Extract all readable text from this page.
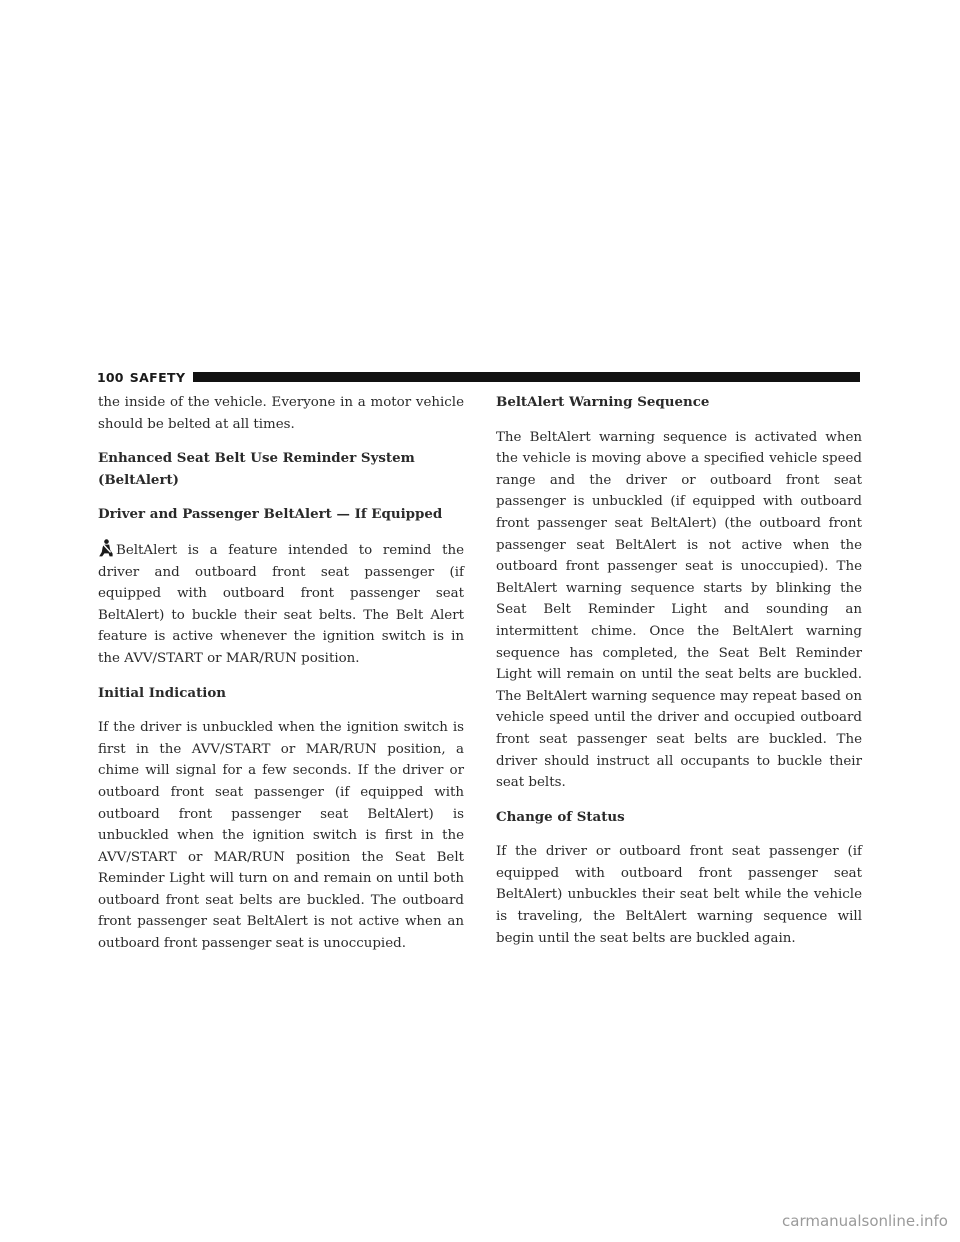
100 SAFETY

the inside of the vehicle. Everyone in a motor vehicle should be belted at all times.

Enhanced Seat Belt Use Reminder System (BeltAlert)
Driver and Passenger BeltAlert — If Equipped

BeltAlert is a feature intended to remind the driver and outboard front seat passenger (if equipped with outboard front passenger seat BeltAlert) to buckle their seat belts. The Belt Alert feature is active whenever the ignition switch is in the AVV/START or MAR/RUN position.

Initial Indication

If the driver is unbuckled when the ignition switch is first in the AVV/START or MAR/RUN position, a chime will signal for a few seconds. If the driver or outboard front seat passenger (if equipped with outboard front passenger seat BeltAlert) is unbuckled when the ignition switch is first in the AVV/START or MAR/RUN position the Seat Belt Reminder Light will turn on and remain on until both outboard front seat belts are buckled. The outboard front passenger seat BeltAlert is not active when an outboard front passenger seat is unoccupied.

BeltAlert Warning Sequence

The BeltAlert warning sequence is activated when the vehicle is moving above a specified vehicle speed range and the driver or outboard front seat passenger is unbuckled (if equipped with outboard front passenger seat BeltAlert) (the outboard front passenger seat BeltAlert is not active when the outboard front passenger seat is unoccupied). The BeltAlert warning sequence starts by blinking the Seat Belt Reminder Light and sounding an intermittent chime. Once the BeltAlert warning sequence has completed, the Seat Belt Reminder Light will remain on until the seat belts are buckled. The BeltAlert warning sequence may repeat based on vehicle speed until the driver and occupied outboard front seat passenger seat belts are buckled. The driver should instruct all occupants to buckle their seat belts.

Change of Status

If the driver or outboard front seat passenger (if equipped with outboard front passenger seat BeltAlert) unbuckles their seat belt while the vehicle is traveling, the BeltAlert warning sequence will begin until the seat belts are buckled again.

carmanualsonline.info
